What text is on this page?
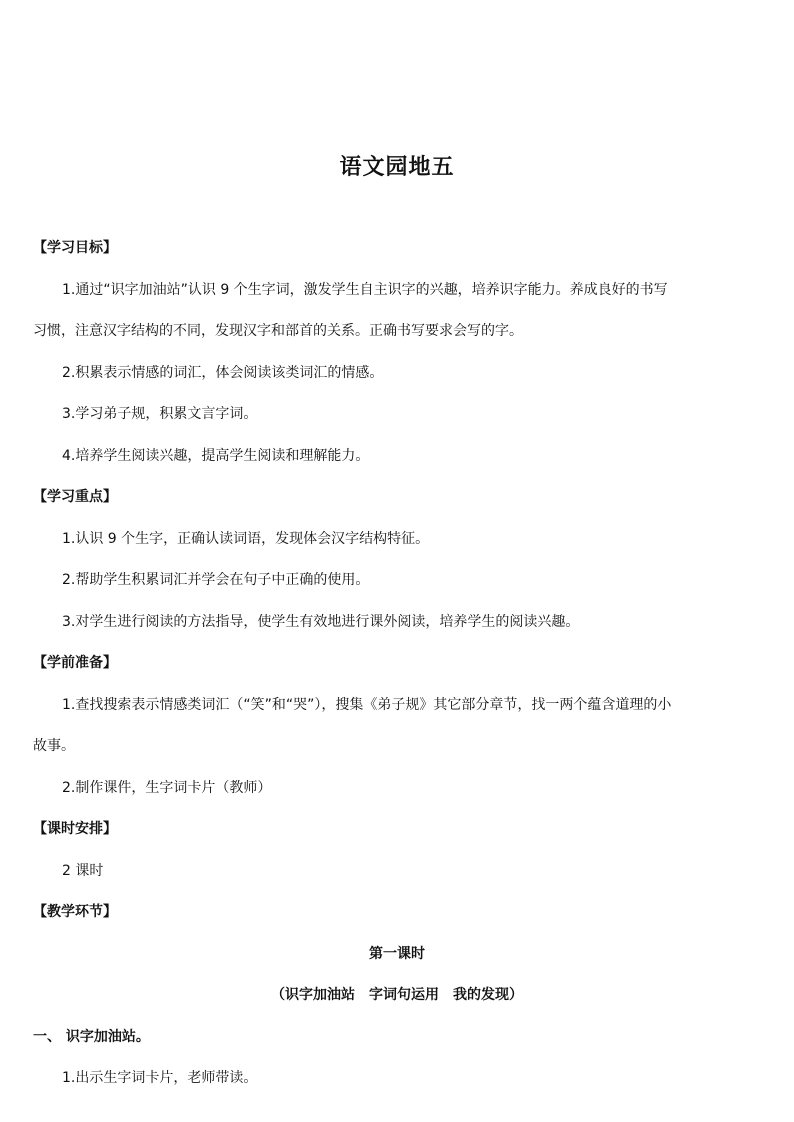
语文园地五
【学习目标】
1.通过“识字加油站”认识 9 个生字词，激发学生自主识字的兴趣，培养识字能力。养成良好的书写
习惯，注意汉字结构的不同，发现汉字和部首的关系。正确书写要求会写的字。
2.积累表示情感的词汇，体会阅读该类词汇的情感。
3.学习弟子规，积累文言字词。
4.培养学生阅读兴趣，提高学生阅读和理解能力。
【学习重点】
1.认识 9 个生字，正确认读词语，发现体会汉字结构特征。
2.帮助学生积累词汇并学会在句子中正确的使用。
3.对学生进行阅读的方法指导，使学生有效地进行课外阅读，培养学生的阅读兴趣。
【学前准备】
1.查找搜索表示情感类词汇（“笑”和“哭”），搜集《弟子规》其它部分章节，找一两个蕴含道理的小
故事。
2.制作课件，生字词卡片（教师）
【课时安排】
2 课时
【教学环节】
第一课时
（识字加油站　字词句运用　我的发现）
一、 识字加油站。
1.出示生字词卡片，老师带读。
